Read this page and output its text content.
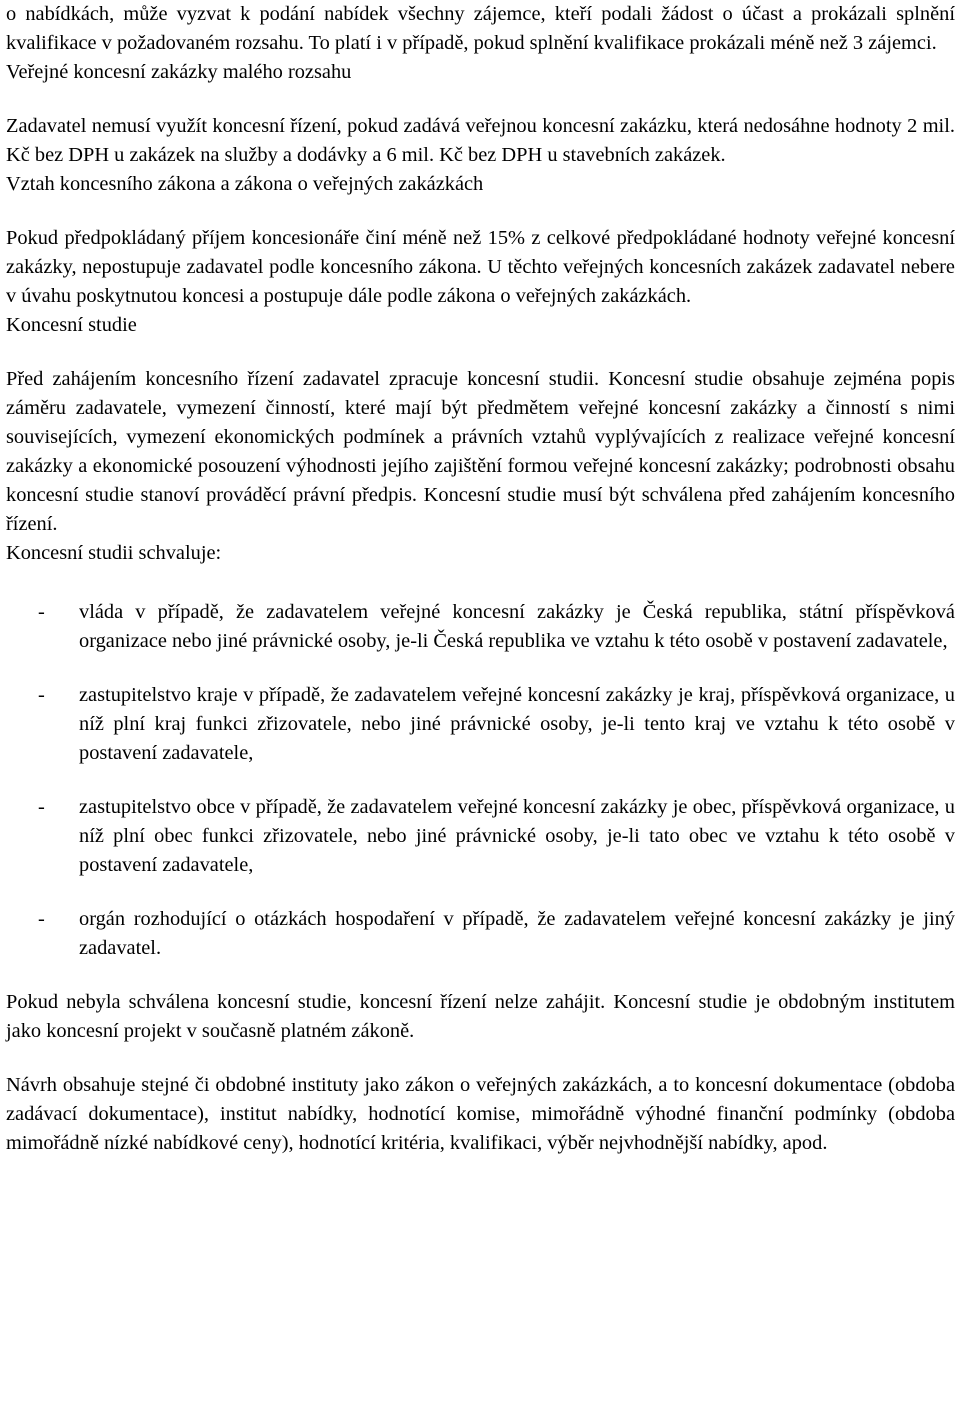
o nabídkách, může vyzvat k podání nabídek všechny zájemce, kteří podali žádost o účast a prokázali splnění kvalifikace v požadovaném rozsahu. To platí i v případě, pokud splnění kvalifikace prokázali méně než 3 zájemci.

Veřejné koncesní zakázky malého rozsahu

Zadavatel nemusí využít koncesní řízení, pokud zadává veřejnou koncesní zakázku, která nedosáhne hodnoty 2 mil. Kč bez DPH u zakázek na služby a dodávky a 6 mil. Kč bez DPH u stavebních zakázek.

Vztah koncesního zákona a zákona o veřejných zakázkách

Pokud předpokládaný příjem koncesionáře činí méně než 15% z celkové předpokládané hodnoty veřejné koncesní zakázky, nepostupuje zadavatel podle koncesního zákona. U těchto veřejných koncesních zakázek zadavatel nebere v úvahu poskytnutou koncesi a postupuje dále podle zákona o veřejných zakázkách.

Koncesní studie

Před zahájením koncesního řízení zadavatel zpracuje koncesní studii. Koncesní studie obsahuje zejména popis záměru zadavatele, vymezení činností, které mají být předmětem veřejné koncesní zakázky a činností s nimi souvisejících, vymezení ekonomických podmínek a právních vztahů vyplývajících z realizace veřejné koncesní zakázky a ekonomické posouzení výhodnosti jejího zajištění formou veřejné koncesní zakázky; podrobnosti obsahu koncesní studie stanoví prováděcí právní předpis. Koncesní studie musí být schválena před zahájením koncesního řízení.

Koncesní studii schvaluje:

-	vláda v případě, že zadavatelem veřejné koncesní zakázky je Česká republika, státní příspěvková organizace nebo jiné právnické osoby, je-li Česká republika ve vztahu k této osobě v postavení zadavatele,
-	zastupitelstvo kraje v případě, že zadavatelem veřejné koncesní zakázky je kraj, příspěvková organizace, u níž plní kraj funkci zřizovatele, nebo jiné právnické osoby, je-li tento kraj ve vztahu k této osobě v postavení zadavatele,
-	zastupitelstvo obce v případě, že zadavatelem veřejné koncesní zakázky je obec, příspěvková organizace, u níž plní obec funkci zřizovatele, nebo jiné právnické osoby, je-li tato obec ve vztahu k této osobě v postavení zadavatele,
-	orgán rozhodující o otázkách hospodaření v případě, že zadavatelem veřejné koncesní zakázky je jiný zadavatel.

Pokud nebyla schválena koncesní studie, koncesní řízení nelze zahájit. Koncesní studie je obdobným institutem jako koncesní projekt v současně platném zákoně.

Návrh obsahuje stejné či obdobné instituty jako zákon o veřejných zakázkách, a to koncesní dokumentace (obdoba zadávací dokumentace), institut nabídky, hodnotící komise, mimořádně výhodné finanční podmínky (obdoba mimořádně nízké nabídkové ceny), hodnotící kritéria, kvalifikaci, výběr nejvhodnější nabídky, apod.
